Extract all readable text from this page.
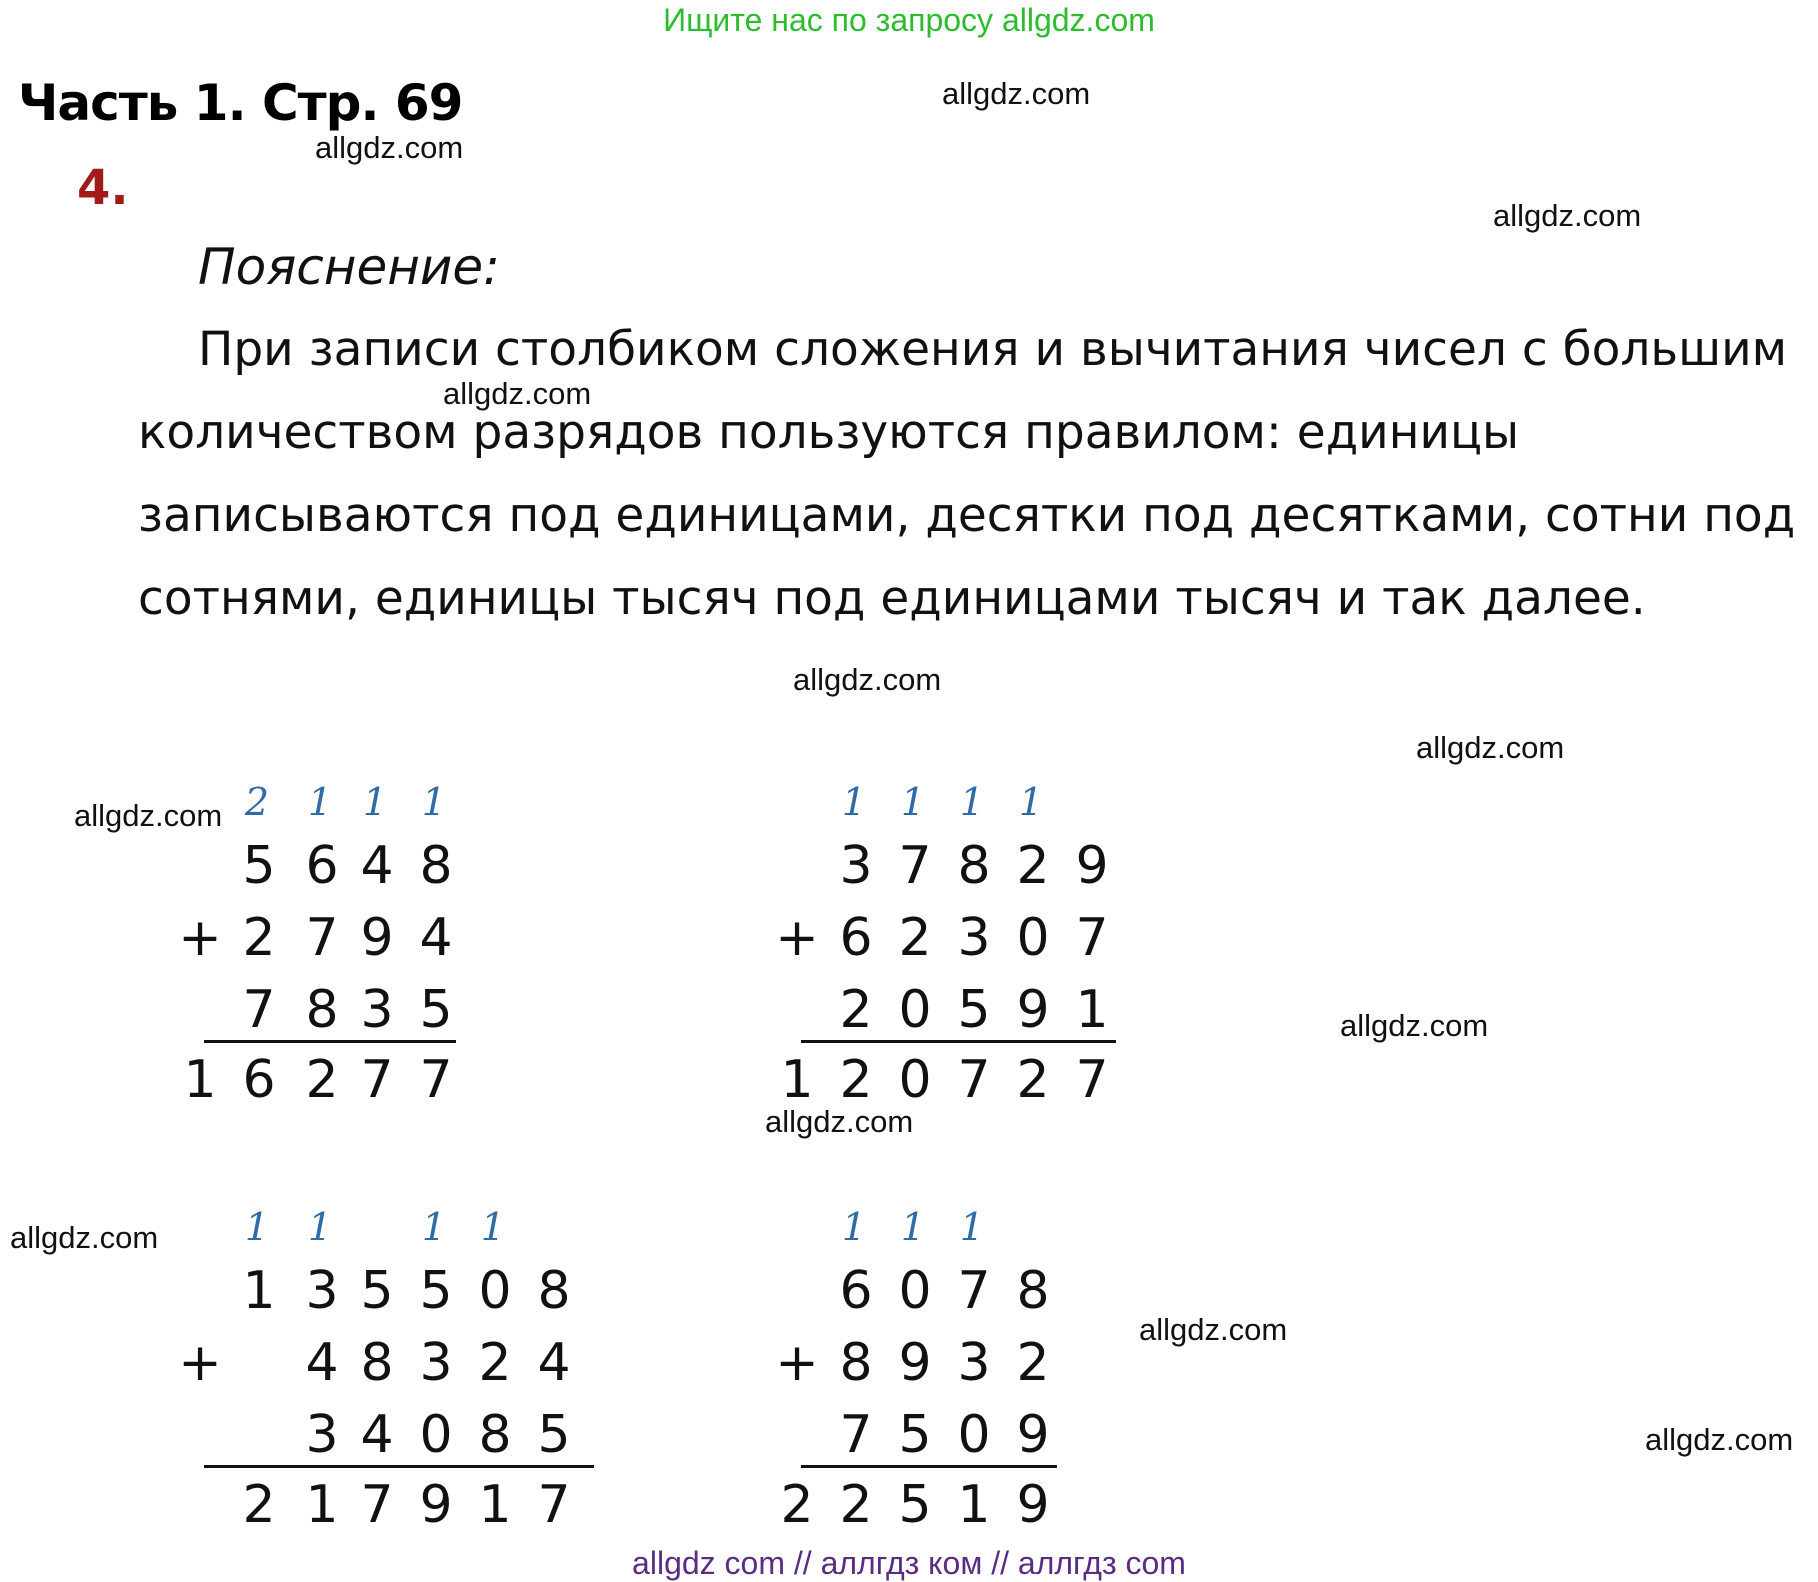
Ищите нас по запросу allgdz.com
Часть 1. Стр. 69
4.
Пояснение:
При записи столбиком сложения и вычитания чисел с большим
количеством разрядов пользуются правилом: единицы
записываются под единицами, десятки под десятками, сотни под
сотнями, единицы тысяч под единицами тысяч и так далее.
allgdz.com
allgdz.com
allgdz.com
allgdz.com
allgdz.com
allgdz.com
allgdz.com
allgdz.com
allgdz.com
allgdz.com
allgdz.com
allgdz.com
2	1 1 1
5 6 4 8
+ 2 7 9 4
7 8 3 5
1 6 2 7 7
1 1 1 1
3 7 8 2 9
+ 6 2 3 0 7
2 0 5 9 1
1 2 0 7 2 7
1	1	1 1
1 3 5 5 0 8
+ 4 8 3 2 4
3 4 0 8 5
2 1 7 9 1 7
1 1 1
6 0 7 8
+ 8 9 3 2
7 5 0 9
2 2 5 1 9
allgdz com // аллгдз ком // аллгдз com
